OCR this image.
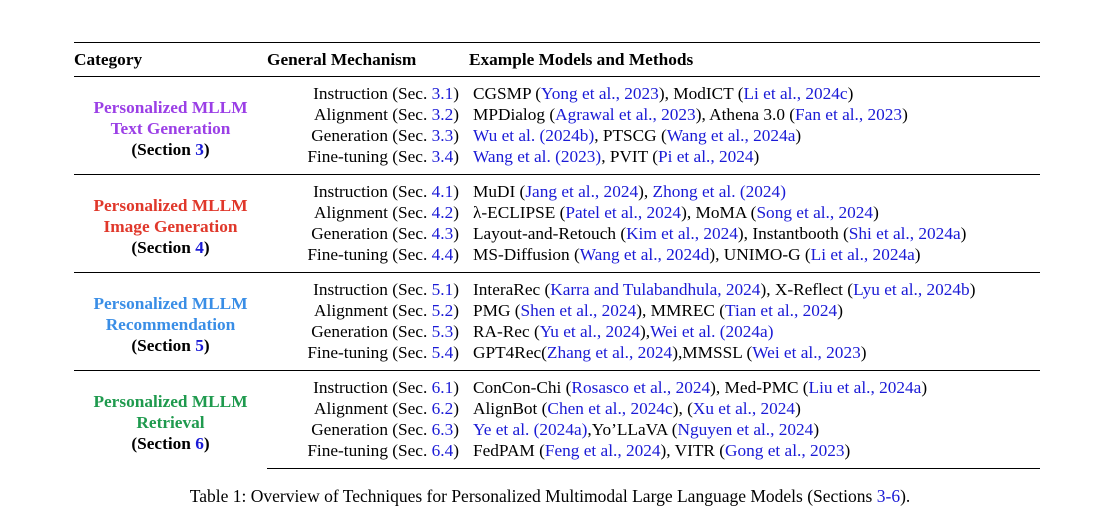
Category	General Mechanism	Example Models and Methods

Personalized MLLM
Text Generation
(Section 3)	Instruction (Sec. 3.1)	CGSMP (Yong et al., 2023), ModICT (Li et al., 2024c)
	Alignment (Sec. 3.2)	MPDialog (Agrawal et al., 2023), Athena 3.0 (Fan et al., 2023)
	Generation (Sec. 3.3)	Wu et al. (2024b), PTSCG (Wang et al., 2024a)
	Fine-tuning (Sec. 3.4)	Wang et al. (2023), PVIT (Pi et al., 2024)

Personalized MLLM
Image Generation
(Section 4)	Instruction (Sec. 4.1)	MuDI (Jang et al., 2024), Zhong et al. (2024)
	Alignment (Sec. 4.2)	λ-ECLIPSE (Patel et al., 2024), MoMA (Song et al., 2024)
	Generation (Sec. 4.3)	Layout-and-Retouch (Kim et al., 2024), Instantbooth (Shi et al., 2024a)
	Fine-tuning (Sec. 4.4)	MS-Diffusion (Wang et al., 2024d), UNIMO-G (Li et al., 2024a)

Personalized MLLM
Recommendation
(Section 5)	Instruction (Sec. 5.1)	InteraRec (Karra and Tulabandhula, 2024), X-Reflect (Lyu et al., 2024b)
	Alignment (Sec. 5.2)	PMG (Shen et al., 2024), MMREC (Tian et al., 2024)
	Generation (Sec. 5.3)	RA-Rec (Yu et al., 2024),Wei et al. (2024a)
	Fine-tuning (Sec. 5.4)	GPT4Rec(Zhang et al., 2024),MMSSL (Wei et al., 2023)

Personalized MLLM
Retrieval
(Section 6)	Instruction (Sec. 6.1)	ConCon-Chi (Rosasco et al., 2024), Med-PMC (Liu et al., 2024a)
	Alignment (Sec. 6.2)	AlignBot (Chen et al., 2024c), (Xu et al., 2024)
	Generation (Sec. 6.3)	Ye et al. (2024a),Yo’LLaVA (Nguyen et al., 2024)
	Fine-tuning (Sec. 6.4)	FedPAM (Feng et al., 2024), VITR (Gong et al., 2023)
Table 1: Overview of Techniques for Personalized Multimodal Large Language Models (Sections 3-6).
